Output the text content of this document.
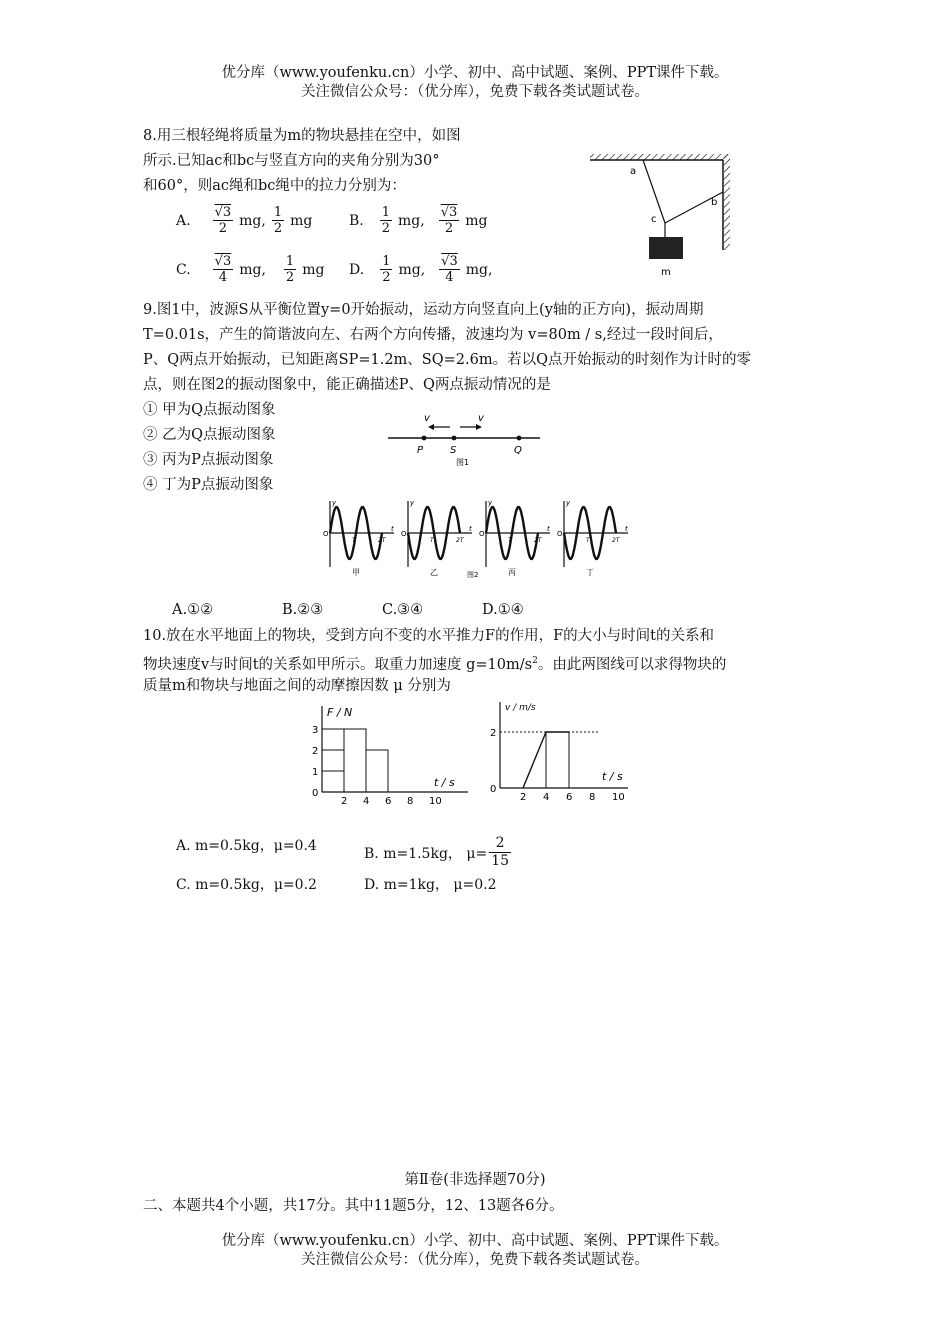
优分库（www.youfenku.cn）小学、初中、高中试题、案例、PPT课件下载。
关注微信公众号：（优分库），免费下载各类试题试卷。
8.用三根轻绳将质量为m的物块悬挂在空中，如图
所示.已知ac和bc与竖直方向的夹角分别为30°
和60°，则ac绳和bc绳中的拉力分别为：
A. $\frac{√3}{2}$ mg, $\frac{1}{2}$ mg	B. $\frac{1}{2}$ mg, $\frac{√3}{2}$ mg
C. $\frac{√3}{4}$ mg, $\frac{1}{2}$ mg D. $\frac{1}{2}$ mg, $\frac{√3}{4}$ mg,
a
b
c
m
9.图1中，波源S从平衡位置y=0开始振动，运动方向竖直向上(y轴的正方向)，振动周期
T=0.01s，产生的简谐波向左、右两个方向传播，波速均为 v=80m / s,经过一段时间后，
P、Q两点开始振动，已知距离SP=1.2m、SQ=2.6m。若以Q点开始振动的时刻作为计时的零
点，则在图2的振动图象中，能正确描述P、Q两点振动情况的是
① 甲为Q点振动图象
② 乙为Q点振动图象
③ 丙为P点振动图象
④ 丁为P点振动图象
v	v
P	S	Q
图1
O
y
T	2T
t
甲
O
y
T	2T
t
乙
O
y
T	2T
t
丙
O
y
T	2T
t
丁
图2
A.①②	B.②③	C.③④	D.①④
10.放在水平地面上的物块，受到方向不变的水平推力F的作用，F的大小与时间t的关系和
物块速度v与时间t的关系如甲所示。取重力加速度 $g=10m/s^2$。由此两图线可以求得物块的
质量m和物块与地面之间的动摩擦因数 μ 分别为
1
2
3
2 4 6 8 10
0
F / N
t / s
2
2 4 6 8 10
0
v / m/s
t / s
A. m=0.5kg，μ=0.4	B. m=1.5kg， $\mu= \frac{2}{15}$
C. m=0.5kg，μ=0.2	D. m=1kg， μ=0.2
第Ⅱ卷(非选择题70分)
二、本题共4个小题，共17分。其中11题5分，12、13题各6分。
优分库（www.youfenku.cn）小学、初中、高中试题、案例、PPT课件下载。
关注微信公众号：（优分库），免费下载各类试题试卷。
